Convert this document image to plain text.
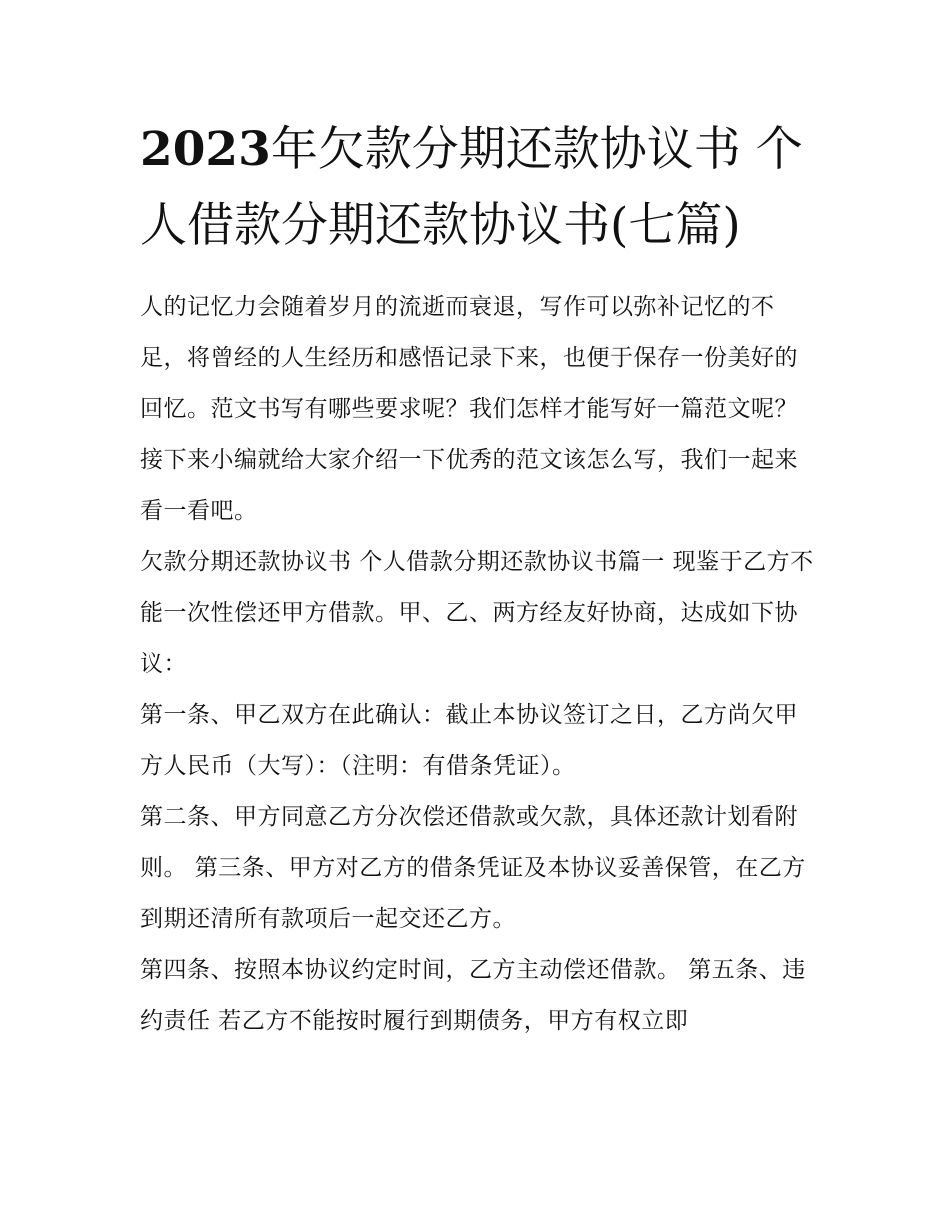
2023年欠款分期还款协议书 个人借款分期还款协议书(七篇)

人的记忆力会随着岁月的流逝而衰退，写作可以弥补记忆的不足，将曾经的人生经历和感悟记录下来，也便于保存一份美好的回忆。范文书写有哪些要求呢？我们怎样才能写好一篇范文呢？接下来小编就给大家介绍一下优秀的范文该怎么写，我们一起来看一看吧。

欠款分期还款协议书 个人借款分期还款协议书篇一 现鉴于乙方不能一次性偿还甲方借款。甲、乙、两方经友好协商，达成如下协议：

第一条、甲乙双方在此确认：截止本协议签订之日，乙方尚欠甲方人民币（大写）：（注明：有借条凭证）。

第二条、甲方同意乙方分次偿还借款或欠款，具体还款计划看附则。 第三条、甲方对乙方的借条凭证及本协议妥善保管，在乙方到期还清所有款项后一起交还乙方。

第四条、按照本协议约定时间，乙方主动偿还借款。 第五条、违约责任 若乙方不能按时履行到期债务，甲方有权立即
